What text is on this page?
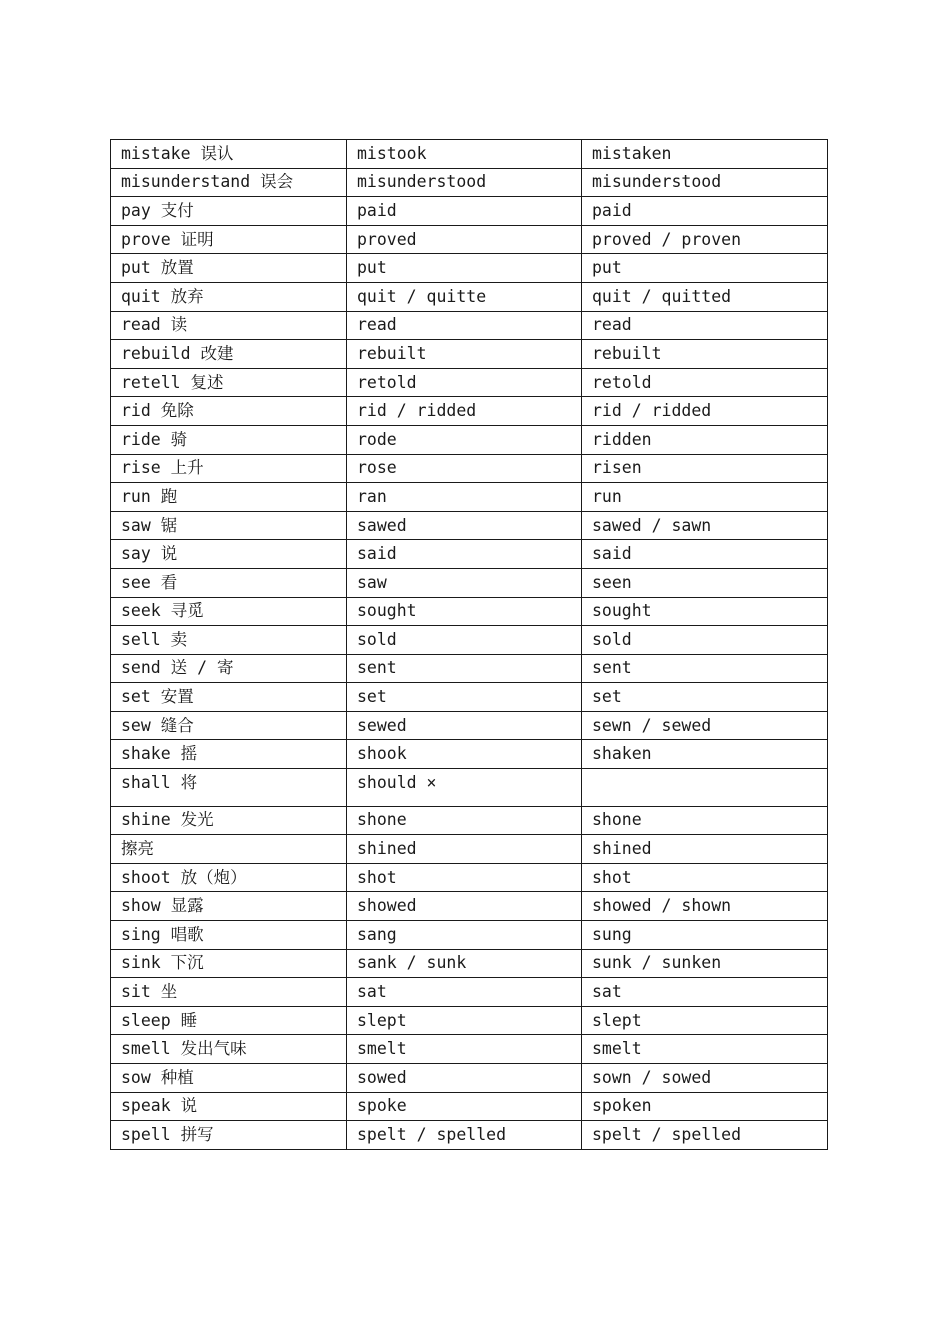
mistake 误认	mistook	mistaken
misunderstand 误会	misunderstood	misunderstood
pay 支付	paid	paid
prove 证明	proved	proved / proven
put 放置	put	put
quit 放弃	quit / quitte	quit / quitted
read 读	read	read
rebuild 改建	rebuilt	rebuilt
retell 复述	retold	retold
rid 免除	rid / ridded	rid / ridded
ride 骑	rode	ridden
rise 上升	rose	risen
run 跑	ran	run
saw 锯	sawed	sawed / sawn
say 说	said	said
see 看	saw	seen
seek 寻觅	sought	sought
sell 卖	sold	sold
send 送 / 寄	sent	sent
set 安置	set	set
sew 缝合	sewed	sewn / sewed
shake 摇	shook	shaken
shall 将	should ×	
shine 发光	shone	shone
擦亮	shined	shined
shoot 放（炮）	shot	shot
show 显露	showed	showed / shown
sing 唱歌	sang	sung
sink 下沉	sank / sunk	sunk / sunken
sit 坐	sat	sat
sleep 睡	slept	slept
smell 发出气味	smelt	smelt
sow 种植	sowed	sown / sowed
speak 说	spoke	spoken
spell 拼写	spelt / spelled	spelt / spelled
